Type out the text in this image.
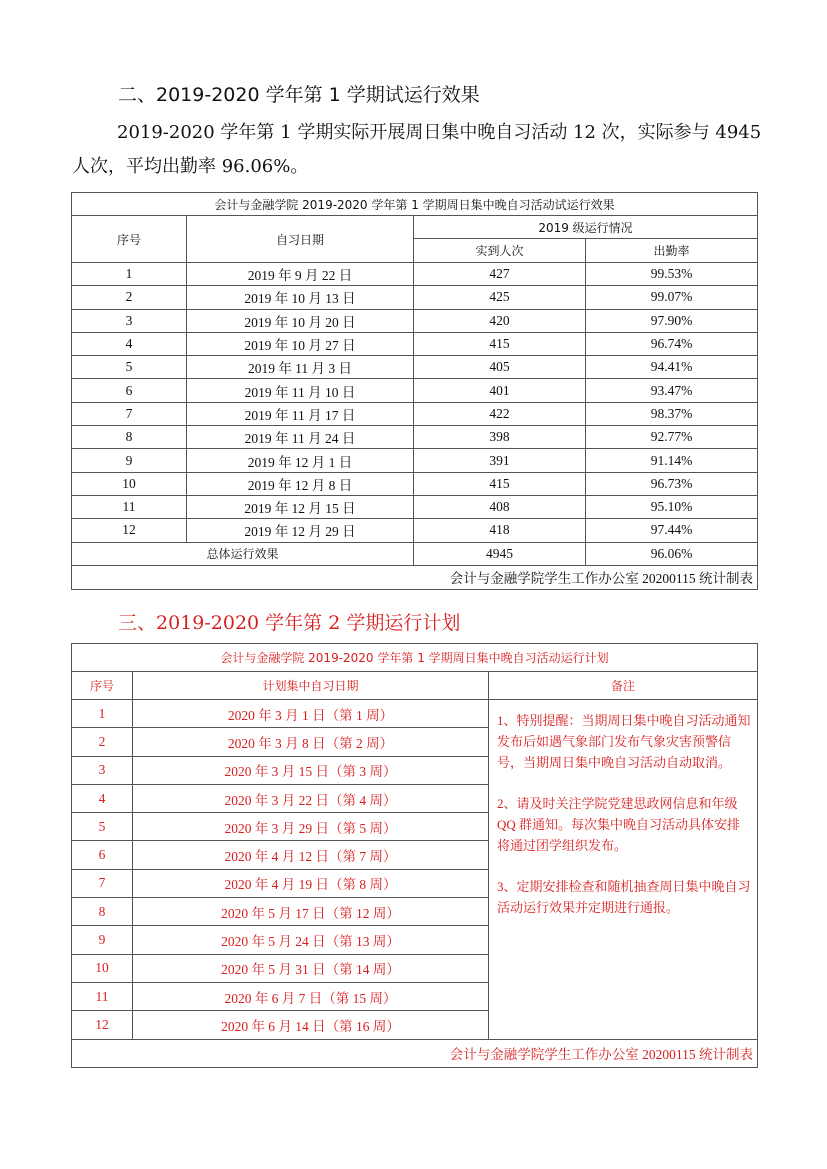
二、2019-2020 学年第 1 学期试运行效果
2019-2020 学年第 1 学期实际开展周日集中晚自习活动 12 次，实际参与 4945
人次，平均出勤率 96.06%。
会计与金融学院 2019-2020 学年第 1 学期周日集中晚自习活动试运行效果			
序号	自习日期	2019 级运行情况	
		实到人次	出勤率
1	2019 年 9 月 22 日	427	99.53%
2	2019 年 10 月 13 日	425	99.07%
3	2019 年 10 月 20 日	420	97.90%
4	2019 年 10 月 27 日	415	96.74%
5	2019 年 11 月 3 日	405	94.41%
6	2019 年 11 月 10 日	401	93.47%
7	2019 年 11 月 17 日	422	98.37%
8	2019 年 11 月 24 日	398	92.77%
9	2019 年 12 月 1 日	391	91.14%
10	2019 年 12 月 8 日	415	96.73%
11	2019 年 12 月 15 日	408	95.10%
12	2019 年 12 月 29 日	418	97.44%
总体运行效果		4945	96.06%
会计与金融学院学生工作办公室 20200115 统计制表			
三、2019-2020 学年第 2 学期运行计划
会计与金融学院 2019-2020 学年第 1 学期周日集中晚自习活动运行计划		
序号	计划集中自习日期	备注
1	2020 年 3 月 1 日（第 1 周）	1、特别提醒：当期周日集中晚自习活动通知发布后如遇气象部门发布气象灾害预警信号，当期周日集中晚自习活动自动取消。

2、请及时关注学院党建思政网信息和年级 QQ 群通知。每次集中晚自习活动具体安排将通过团学组织发布。

3、定期安排检查和随机抽查周日集中晚自习活动运行效果并定期进行通报。

2	2020 年 3 月 8 日（第 2 周）	
3	2020 年 3 月 15 日（第 3 周）	
4	2020 年 3 月 22 日（第 4 周）	
5	2020 年 3 月 29 日（第 5 周）	
6	2020 年 4 月 12 日（第 7 周）	
7	2020 年 4 月 19 日（第 8 周）	
8	2020 年 5 月 17 日（第 12 周）	
9	2020 年 5 月 24 日（第 13 周）	
10	2020 年 5 月 31 日（第 14 周）	
11	2020 年 6 月 7 日（第 15 周）	
12	2020 年 6 月 14 日（第 16 周）	
会计与金融学院学生工作办公室 20200115 统计制表		
